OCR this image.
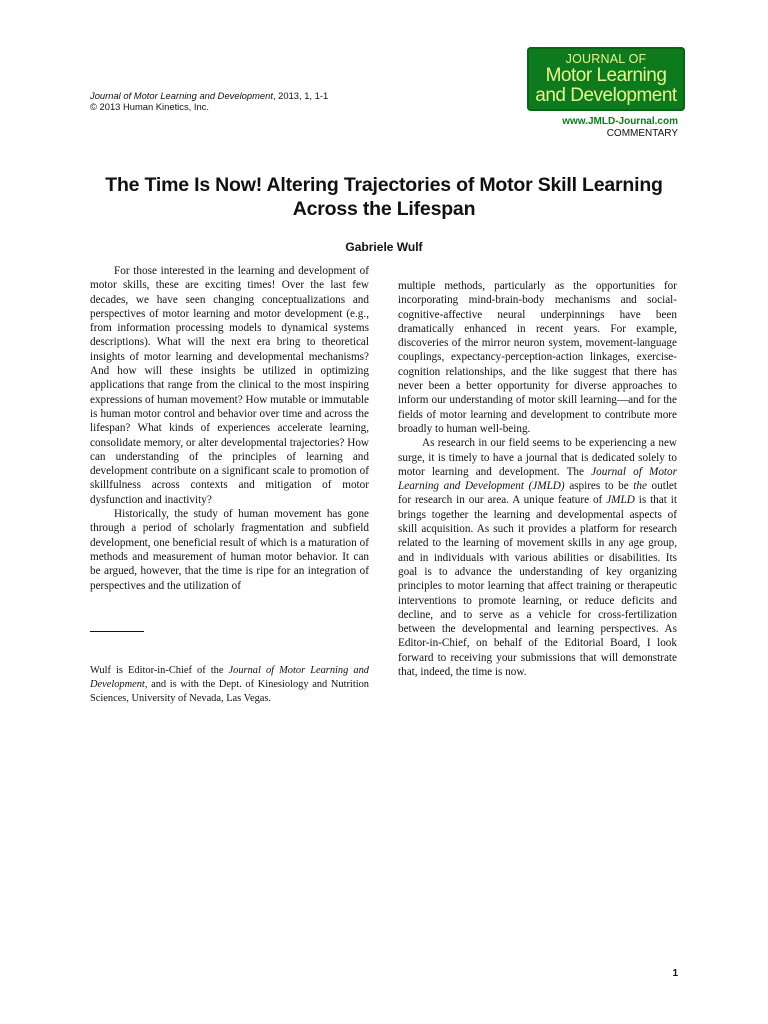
Journal of Motor Learning and Development, 2013, 1, 1-1
© 2013 Human Kinetics, Inc.
JOURNAL OF
Motor Learning
and Development
www.JMLD-Journal.com
COMMENTARY
The Time Is Now! Altering Trajectories of Motor Skill Learning Across the Lifespan
Gabriele Wulf

For those interested in the learning and development of motor skills, these are exciting times! Over the last few decades, we have seen changing conceptualizations and perspectives of motor learning and motor development (e.g., from information processing models to dynamical systems descriptions). What will the next era bring to theoretical insights of motor learning and developmental mechanisms? And how will these insights be utilized in optimizing applications that range from the clinical to the most inspiring expressions of human movement? How mutable or immutable is human motor control and behavior over time and across the lifespan? What kinds of experiences accelerate learning, consolidate memory, or alter developmental trajectories? How can understanding of the principles of learning and development contribute on a significant scale to promotion of skillfulness across contexts and mitigation of motor dysfunction and inactivity?

Historically, the study of human movement has gone through a period of scholarly fragmentation and subfield development, one beneficial result of which is a maturation of methods and measurement of human motor behavior. It can be argued, however, that the time is ripe for an integration of perspectives and the utilization of

multiple methods, particularly as the opportunities for incorporating mind-brain-body mechanisms and social-cognitive-affective neural underpinnings have been dramatically enhanced in recent years. For example, discoveries of the mirror neuron system, movement-language couplings, expectancy-perception-action linkages, exercise-cognition relationships, and the like suggest that there has never been a better opportunity for diverse approaches to inform our understanding of motor skill learning—and for the fields of motor learning and development to contribute more broadly to human well-being.

As research in our field seems to be experiencing a new surge, it is timely to have a journal that is dedicated solely to motor learning and development. The Journal of Motor Learning and Development (JMLD) aspires to be the outlet for research in our area. A unique feature of JMLD is that it brings together the learning and developmental aspects of skill acquisition. As such it provides a platform for research related to the learning of movement skills in any age group, and in individuals with various abilities or disabilities. Its goal is to advance the understanding of key organizing principles to motor learning that affect training or therapeutic interventions to promote learning, or reduce deficits and decline, and to serve as a vehicle for cross-fertilization between the developmental and learning perspectives. As Editor-in-Chief, on behalf of the Editorial Board, I look forward to receiving your submissions that will demonstrate that, indeed, the time is now.

Wulf is Editor-in-Chief of the Journal of Motor Learning and Development, and is with the Dept. of Kinesiology and Nutrition Sciences, University of Nevada, Las Vegas.
1
